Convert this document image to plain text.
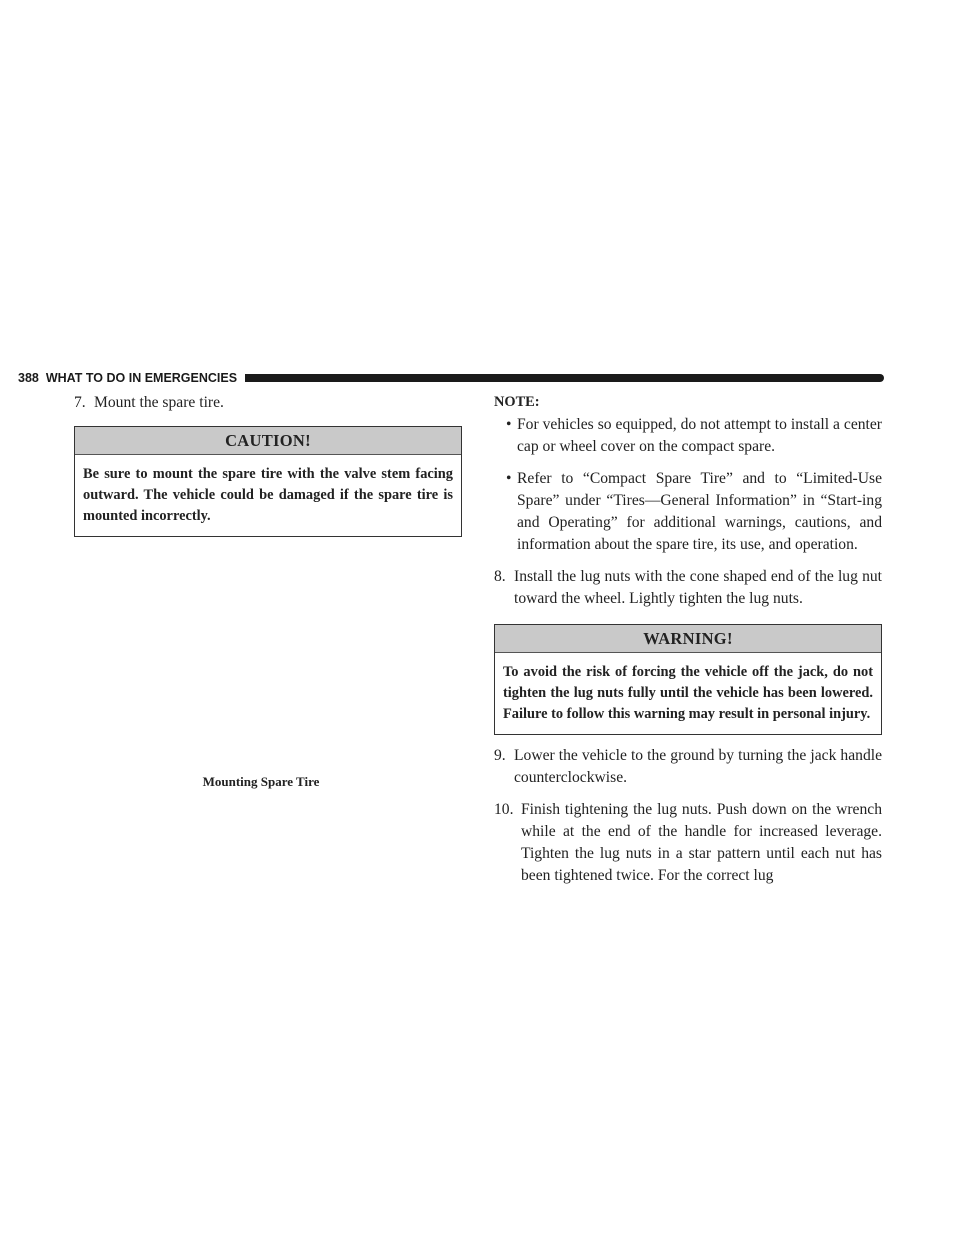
388 WHAT TO DO IN EMERGENCIES
7. Mount the spare tire.
CAUTION!
Be sure to mount the spare tire with the valve stem facing outward. The vehicle could be damaged if the spare tire is mounted incorrectly.
Mounting Spare Tire
NOTE:
• For vehicles so equipped, do not attempt to install a center cap or wheel cover on the compact spare.
• Refer to “Compact Spare Tire” and to “Limited-Use Spare” under “Tires—General Information” in “Start-ing and Operating” for additional warnings, cautions, and information about the spare tire, its use, and operation.
8. Install the lug nuts with the cone shaped end of the lug nut toward the wheel. Lightly tighten the lug nuts.
WARNING!
To avoid the risk of forcing the vehicle off the jack, do not tighten the lug nuts fully until the vehicle has been lowered. Failure to follow this warning may result in personal injury.
9. Lower the vehicle to the ground by turning the jack handle counterclockwise.
10. Finish tightening the lug nuts. Push down on the wrench while at the end of the handle for increased leverage. Tighten the lug nuts in a star pattern until each nut has been tightened twice. For the correct lug
